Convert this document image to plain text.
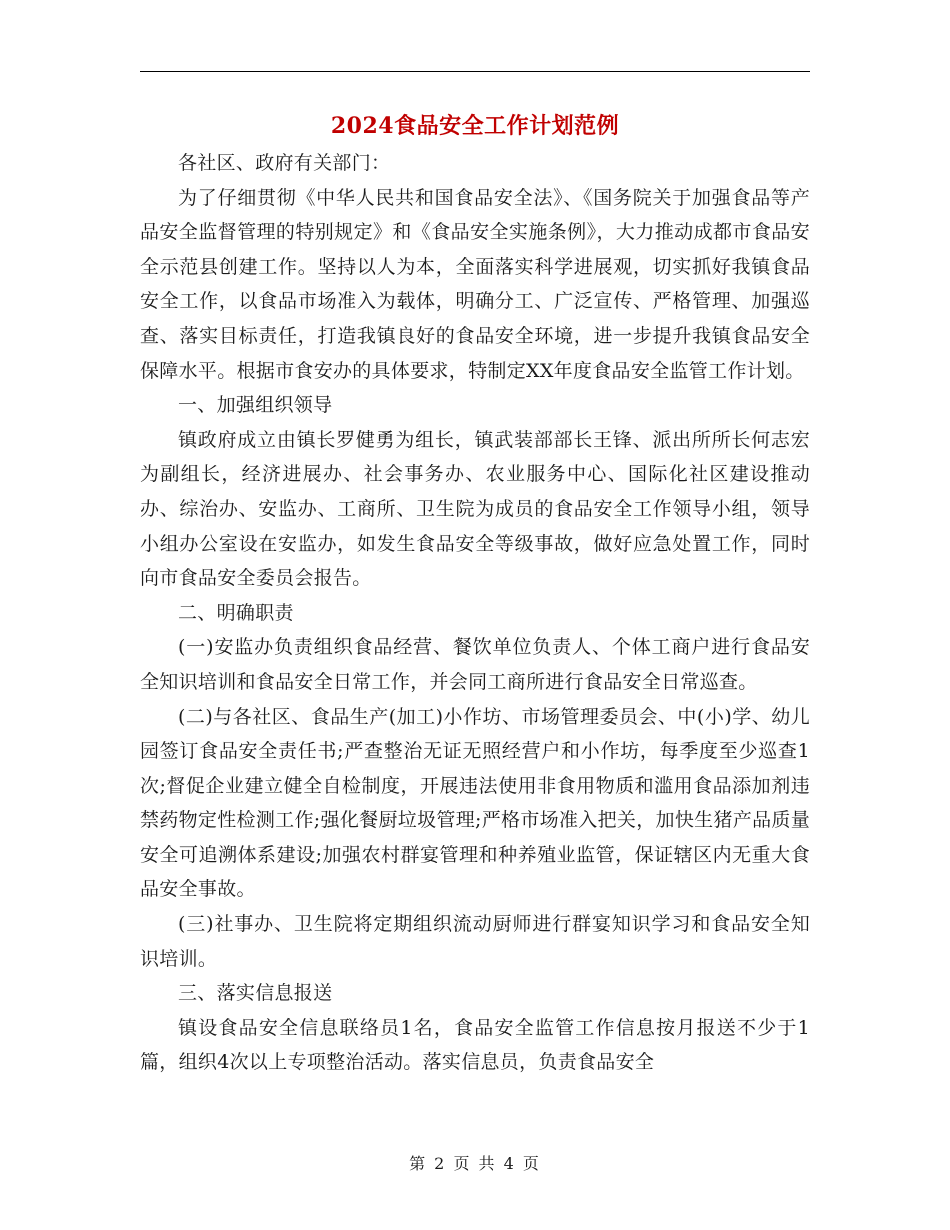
2024食品安全工作计划范例

各社区、政府有关部门：

为了仔细贯彻《中华人民共和国食品安全法》、《国务院关于加强食品等产品安全监督管理的特别规定》和《食品安全实施条例》，大力推动成都市食品安全示范县创建工作。坚持以人为本，全面落实科学进展观，切实抓好我镇食品安全工作，以食品市场准入为载体，明确分工、广泛宣传、严格管理、加强巡查、落实目标责任，打造我镇良好的食品安全环境，进一步提升我镇食品安全保障水平。根据市食安办的具体要求，特制定XX年度食品安全监管工作计划。

一、加强组织领导

镇政府成立由镇长罗健勇为组长，镇武装部部长王锋、派出所所长何志宏为副组长，经济进展办、社会事务办、农业服务中心、国际化社区建设推动办、综治办、安监办、工商所、卫生院为成员的食品安全工作领导小组，领导小组办公室设在安监办，如发生食品安全等级事故，做好应急处置工作，同时向市食品安全委员会报告。

二、明确职责

(一)安监办负责组织食品经营、餐饮单位负责人、个体工商户进行食品安全知识培训和食品安全日常工作，并会同工商所进行食品安全日常巡查。

(二)与各社区、食品生产(加工)小作坊、市场管理委员会、中(小)学、幼儿园签订食品安全责任书;严查整治无证无照经营户和小作坊，每季度至少巡查1次;督促企业建立健全自检制度，开展违法使用非食用物质和滥用食品添加剂违禁药物定性检测工作;强化餐厨垃圾管理;严格市场准入把关，加快生猪产品质量安全可追溯体系建设;加强农村群宴管理和种养殖业监管，保证辖区内无重大食品安全事故。

(三)社事办、卫生院将定期组织流动厨师进行群宴知识学习和食品安全知识培训。

三、落实信息报送

镇设食品安全信息联络员1名，食品安全监管工作信息按月报送不少于1篇，组织4次以上专项整治活动。落实信息员，负责食品安全

第 2 页 共 4 页
